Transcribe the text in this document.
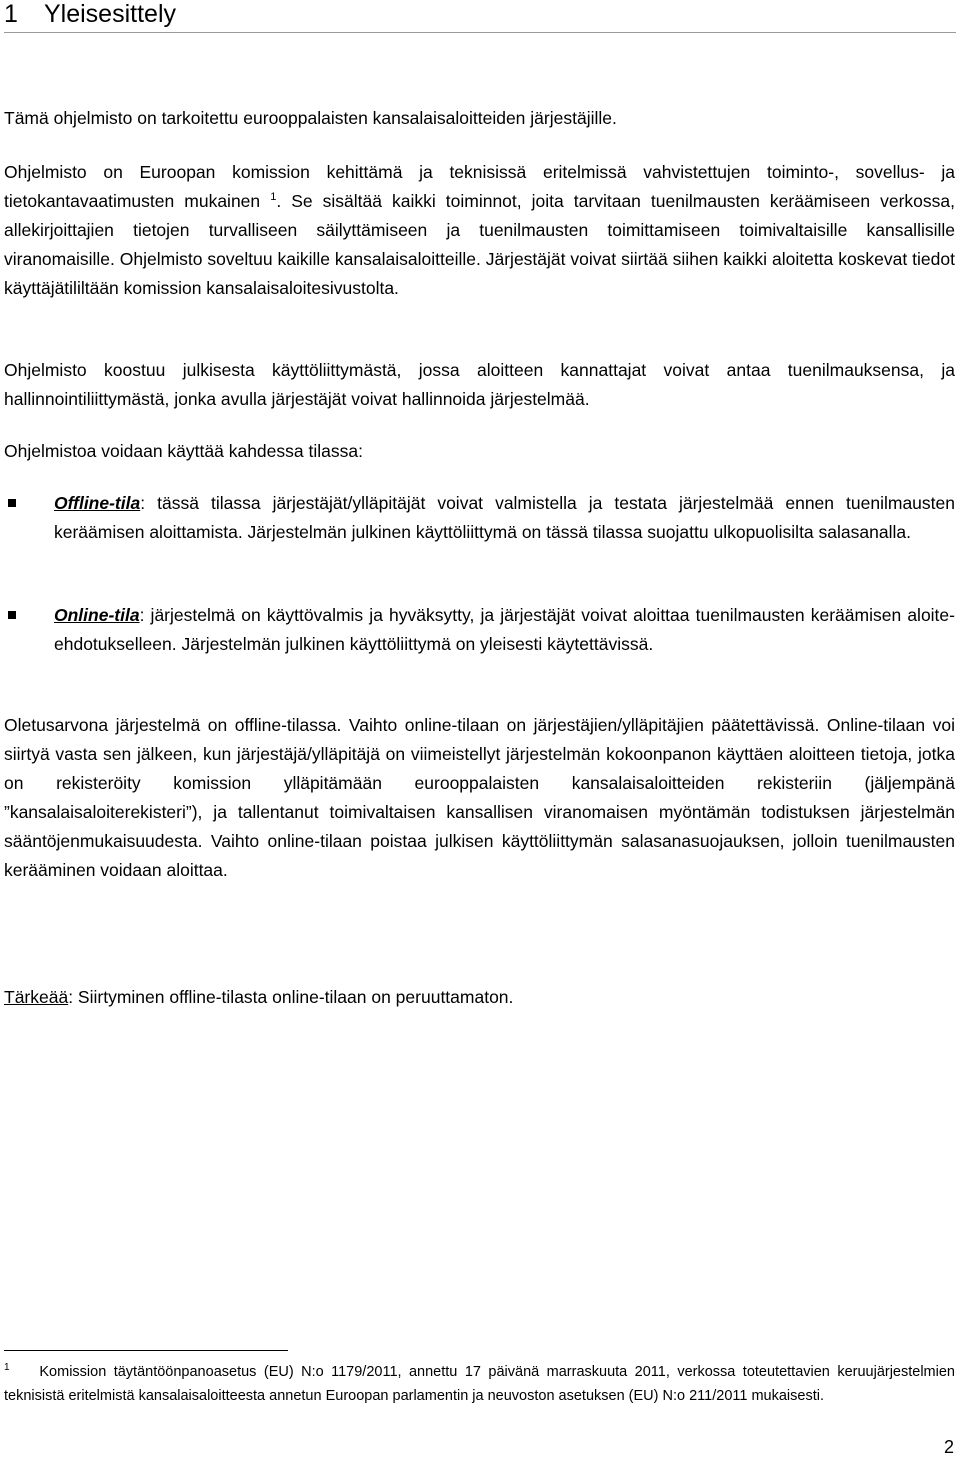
1	Yleisesittely

Tämä ohjelmisto on tarkoitettu eurooppalaisten kansalaisaloitteiden järjestäjille.

Ohjelmisto on Euroopan komission kehittämä ja teknisissä eritelmissä vahvistettujen toiminto-, sovellus- ja tietokantavaatimusten mukainen $^1$. Se sisältää kaikki toiminnot, joita tarvitaan tuenilmausten keräämiseen verkossa, allekirjoittajien tietojen turvalliseen säilyttämiseen ja tuenilmausten toimittamiseen toimivaltaisille kansallisille viranomaisille. Ohjelmisto soveltuu kaikille kansalaisaloitteille. Järjestäjät voivat siirtää siihen kaikki aloitetta koskevat tiedot käyttäjätililtään komission kansalaisaloitesivustolta.

Ohjelmisto koostuu julkisesta käyttöliittymästä, jossa aloitteen kannattajat voivat antaa tuenilmauksensa, ja hallinnointiliittymästä, jonka avulla järjestäjät voivat hallinnoida järjestelmää.

Ohjelmistoa voidaan käyttää kahdessa tilassa:

Offline-tila: tässä tilassa järjestäjät/ylläpitäjät voivat valmistella ja testata järjestelmää ennen tuenilmausten keräämisen aloittamista. Järjestelmän julkinen käyttöliittymä on tässä tilassa suojattu ulkopuolisilta salasanalla.

Online-tila: järjestelmä on käyttövalmis ja hyväksytty, ja järjestäjät voivat aloittaa tuenilmausten keräämisen aloite-ehdotukselleen. Järjestelmän julkinen käyttöliittymä on yleisesti käytettävissä.

Oletusarvona järjestelmä on offline-tilassa. Vaihto online-tilaan on järjestäjien/ylläpitäjien päätettävissä. Online-tilaan voi siirtyä vasta sen jälkeen, kun järjestäjä/ylläpitäjä on viimeistellyt järjestelmän kokoonpanon käyttäen aloitteen tietoja, jotka on rekisteröity komission ylläpitämään eurooppalaisten kansalaisaloitteiden rekisteriin (jäljempänä ”kansalaisaloiterekisteri”), ja tallentanut toimivaltaisen kansallisen viranomaisen myöntämän todistuksen järjestelmän sääntöjenmukaisuudesta. Vaihto online-tilaan poistaa julkisen käyttöliittymän salasanasuojauksen, jolloin tuenilmausten kerääminen voidaan aloittaa.

Tärkeää: Siirtyminen offline-tilasta online-tilaan on peruuttamaton.

$^1$ Komission täytäntöönpanoasetus (EU) N:o 1179/2011, annettu 17 päivänä marraskuuta 2011, verkossa toteutettavien keruujärjestelmien teknisistä eritelmistä kansalaisaloitteesta annetun Euroopan parlamentin ja neuvoston asetuksen (EU) N:o 211/2011 mukaisesti.

2
